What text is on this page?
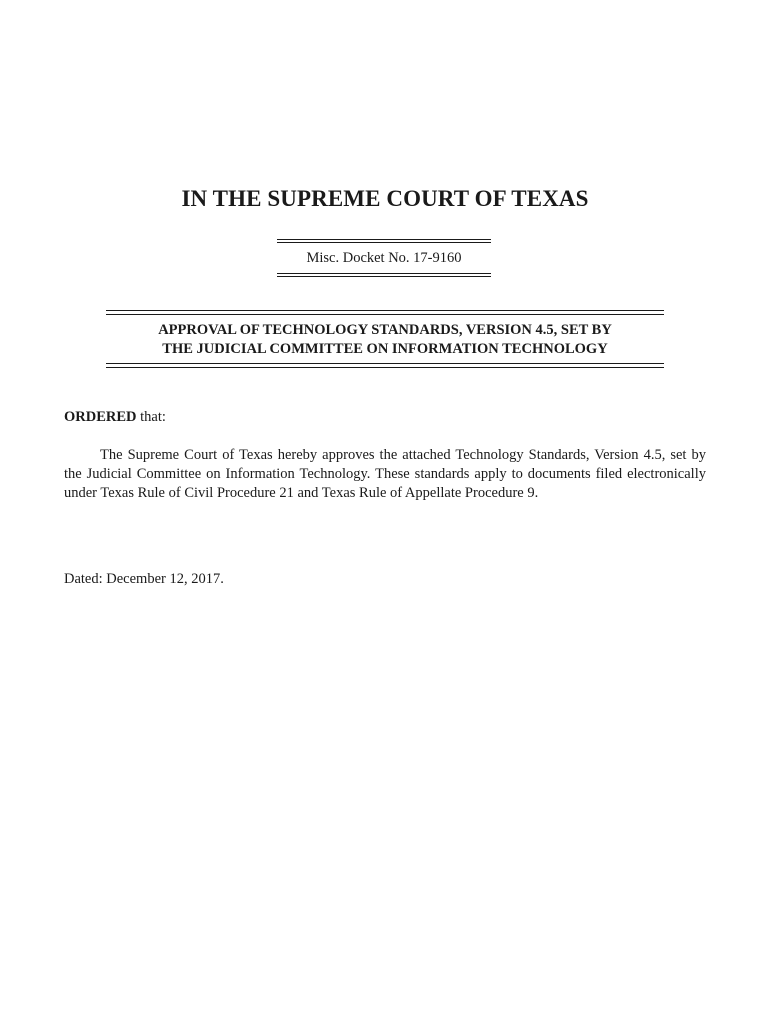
IN THE SUPREME COURT OF TEXAS
Misc. Docket No. 17-9160
APPROVAL OF TECHNOLOGY STANDARDS, VERSION 4.5, SET BY
THE JUDICIAL COMMITTEE ON INFORMATION TECHNOLOGY
ORDERED that:

The Supreme Court of Texas hereby approves the attached Technology Standards, Version 4.5, set by the Judicial Committee on Information Technology. These standards apply to documents filed electronically under Texas Rule of Civil Procedure 21 and Texas Rule of Appellate Procedure 9.

Dated: December 12, 2017.
